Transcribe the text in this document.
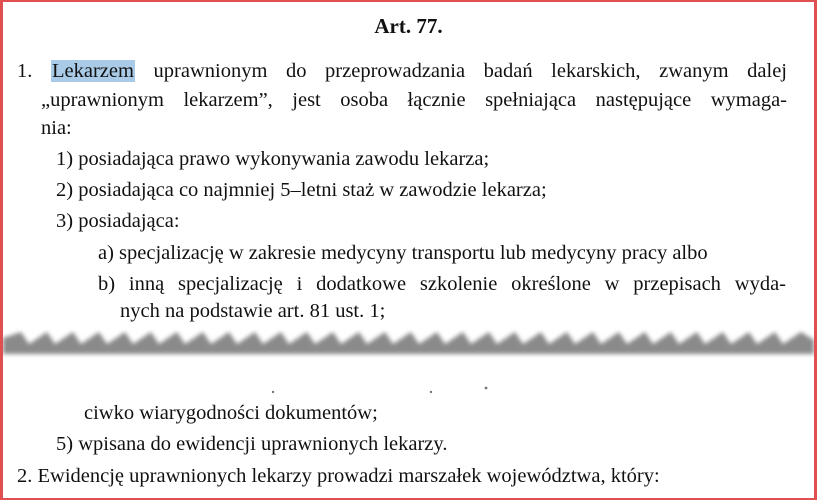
Art. 77.
1. Lekarzem uprawnionym do przeprowadzania badań lekarskich, zwanym dalej
„uprawnionym lekarzem”, jest osoba łącznie spełniająca następujące wymaga-
nia:
1) posiadająca prawo wykonywania zawodu lekarza;
2) posiadająca co najmniej 5–letni staż w zawodzie lekarza;
3) posiadająca:
a) specjalizację w zakresie medycyny transportu lub medycyny pracy albo
b) inną specjalizację i dodatkowe szkolenie określone w przepisach wyda-
nych na podstawie art. 81 ust. 1;
ciwko wiarygodności dokumentów;
5) wpisana do ewidencji uprawnionych lekarzy.
2. Ewidencję uprawnionych lekarzy prowadzi marszałek województwa, który:
